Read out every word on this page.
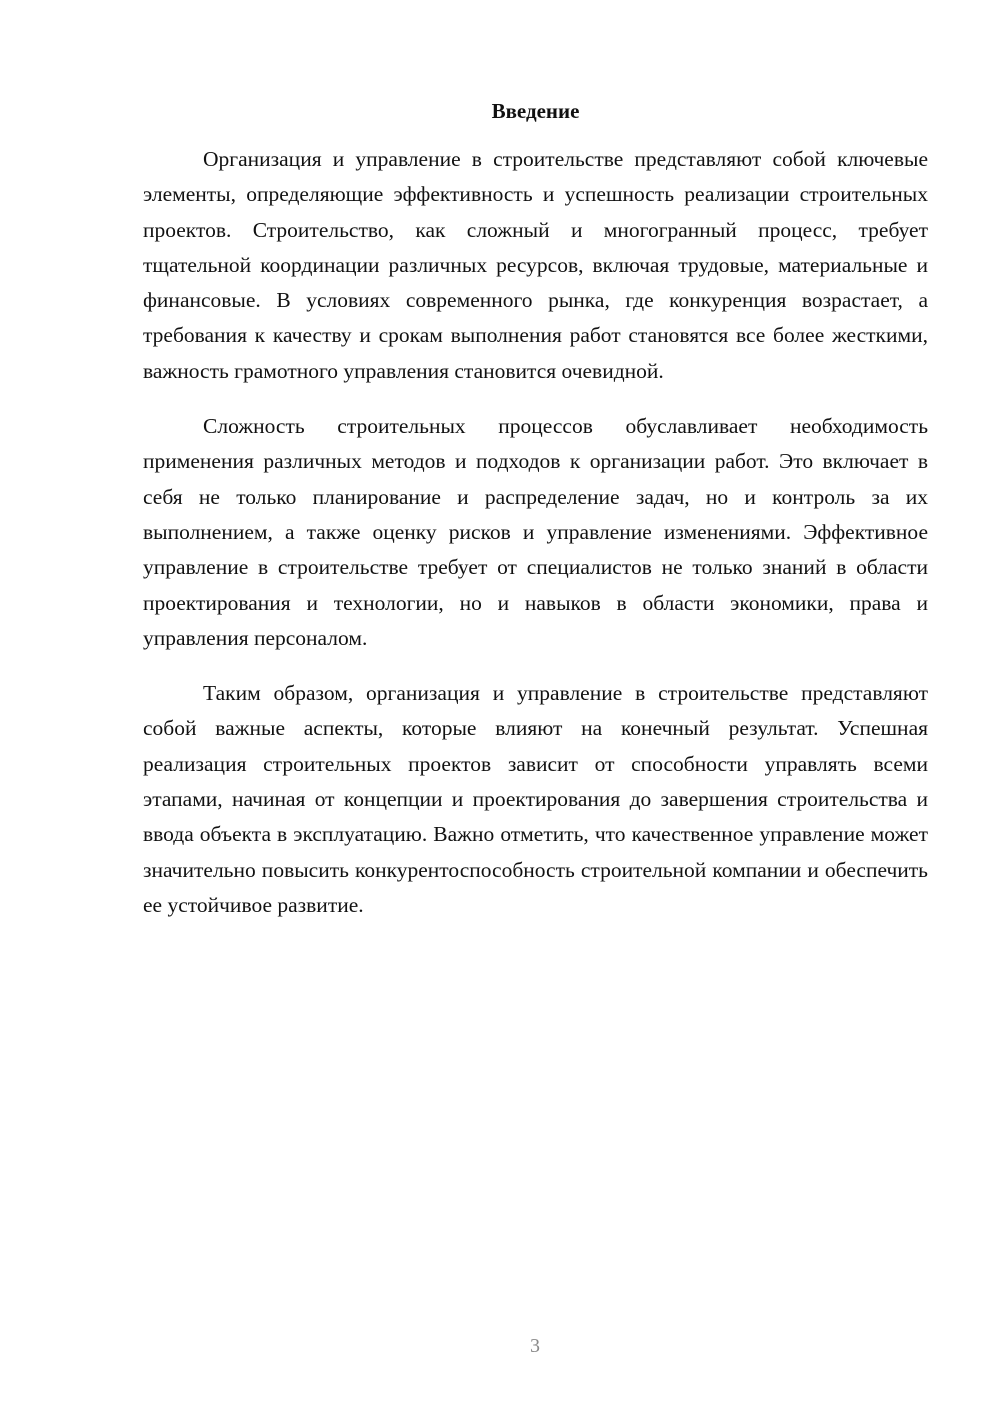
Введение

Организация и управление в строительстве представляют собой ключевые элементы, определяющие эффективность и успешность реализации строительных проектов. Строительство, как сложный и многогранный процесс, требует тщательной координации различных ресурсов, включая трудовые, материальные и финансовые. В условиях современного рынка, где конкуренция возрастает, а требования к качеству и срокам выполнения работ становятся все более жесткими, важность грамотного управления становится очевидной.

Сложность строительных процессов обуславливает необходимость применения различных методов и подходов к организации работ. Это включает в себя не только планирование и распределение задач, но и контроль за их выполнением, а также оценку рисков и управление изменениями. Эффективное управление в строительстве требует от специалистов не только знаний в области проектирования и технологии, но и навыков в области экономики, права и управления персоналом.

Таким образом, организация и управление в строительстве представляют собой важные аспекты, которые влияют на конечный результат. Успешная реализация строительных проектов зависит от способности управлять всеми этапами, начиная от концепции и проектирования до завершения строительства и ввода объекта в эксплуатацию. Важно отметить, что качественное управление может значительно повысить конкурентоспособность строительной компании и обеспечить ее устойчивое развитие.

3
